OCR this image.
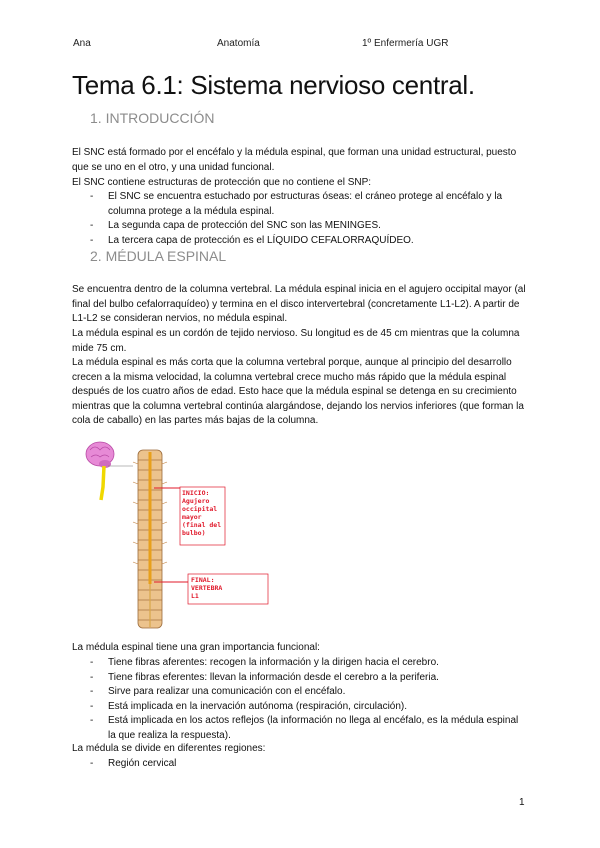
Ana	Anatomía	1º Enfermería UGR
Tema 6.1: Sistema nervioso central.
1. INTRODUCCIÓN

El SNC está formado por el encéfalo y la médula espinal, que forman una unidad estructural, puesto que se uno en el otro, y una unidad funcional.

El SNC contiene estructuras de protección que no contiene el SNP:

- El SNC se encuentra estuchado por estructuras óseas: el cráneo protege al encéfalo y la columna protege a la médula espinal.
- La segunda capa de protección del SNC son las MENINGES.
- La tercera capa de protección es el LÍQUIDO CEFALORRAQUÍDEO.
2. MÉDULA ESPINAL

Se encuentra dentro de la columna vertebral. La médula espinal inicia en el agujero occipital mayor (al final del bulbo cefalorraquídeo) y termina en el disco intervertebral (concretamente L1-L2). A partir de L1-L2 se consideran nervios, no médula espinal.

La médula espinal es un cordón de tejido nervioso. Su longitud es de 45 cm mientras que la columna mide 75 cm.

La médula espinal es más corta que la columna vertebral porque, aunque al principio del desarrollo crecen a la misma velocidad, la columna vertebral crece mucho más rápido que la médula espinal después de los cuatro años de edad. Esto hace que la médula espinal se detenga en su crecimiento mientras que la columna vertebral continúa alargándose, dejando los nervios inferiores (que forman la cola de caballo) en las partes más bajas de la columna.

INICIO:
Agujero
occipital
mayor
(final del
bulbo)
FINAL:
VERTEBRA
L1

La médula espinal tiene una gran importancia funcional:

- Tiene fibras aferentes: recogen la información y la dirigen hacia el cerebro.
- Tiene fibras eferentes: llevan la información desde el cerebro a la periferia.
- Sirve para realizar una comunicación con el encéfalo.
- Está implicada en la inervación autónoma (respiración, circulación).
- Está implicada en los actos reflejos (la información no llega al encéfalo, es la médula espinal la que realiza la respuesta).

La médula se divide en diferentes regiones:

- Región cervical
1
